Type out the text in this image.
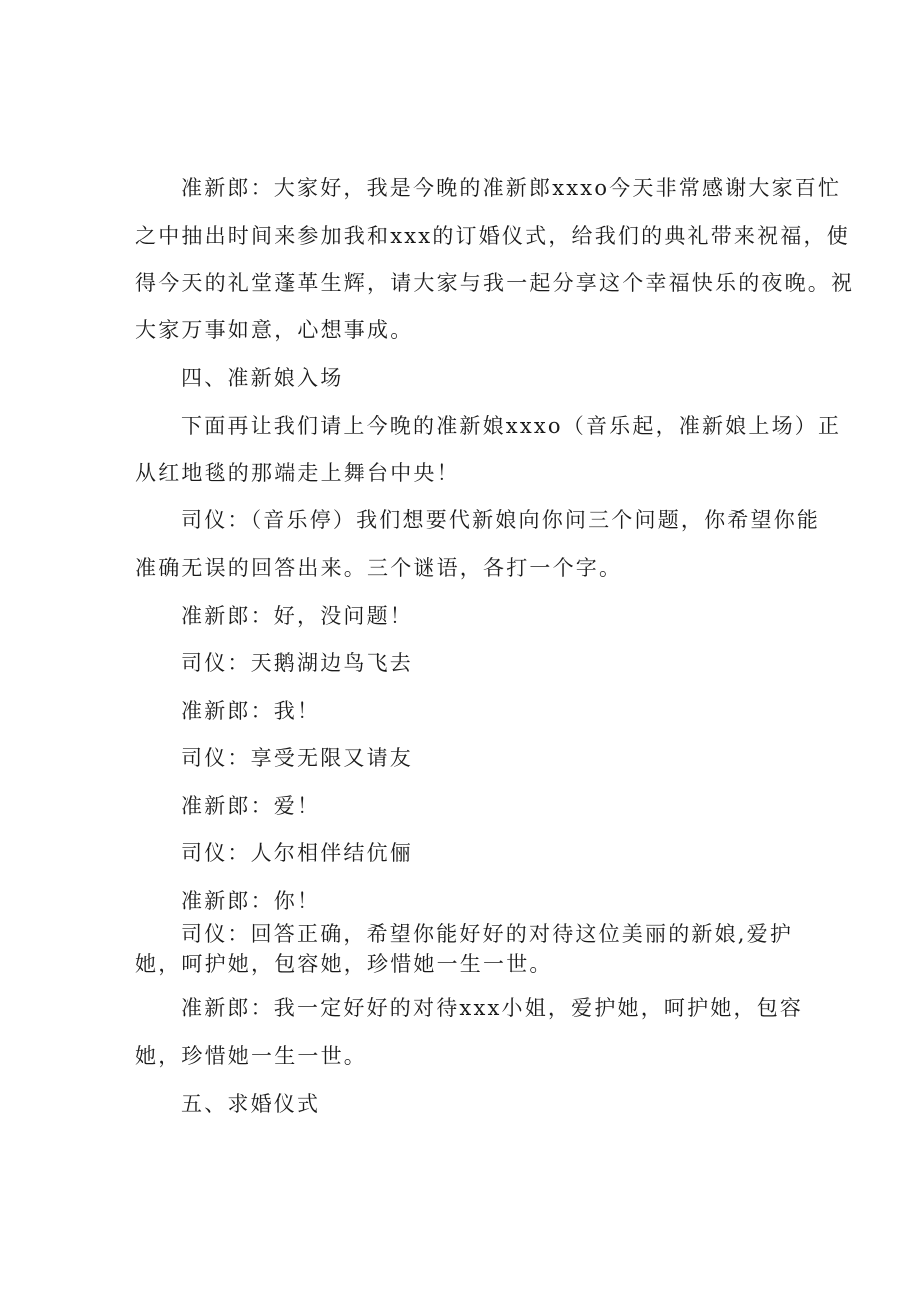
准新郎：大家好，我是今晚的准新郎xxxo今天非常感谢大家百忙
之中抽出时间来参加我和xxx的订婚仪式，给我们的典礼带来祝福，使
得今天的礼堂蓬革生辉，请大家与我一起分享这个幸福快乐的夜晚。祝
大家万事如意，心想事成。
四、准新娘入场
下面再让我们请上今晚的准新娘xxxo（音乐起，准新娘上场）正
从红地毯的那端走上舞台中央！
司仪：（音乐停）我们想要代新娘向你问三个问题，你希望你能
准确无误的回答出来。三个谜语，各打一个字。
准新郎：好，没问题！
司仪：天鹅湖边鸟飞去
准新郎：我！
司仪：享受无限又请友
准新郎：爱！
司仪：人尔相伴结伉俪
准新郎：你！
司仪：回答正确，希望你能好好的对待这位美丽的新娘,爱护
她，呵护她，包容她，珍惜她一生一世。
准新郎：我一定好好的对待xxx小姐，爱护她，呵护她，包容
她，珍惜她一生一世。
五、求婚仪式
